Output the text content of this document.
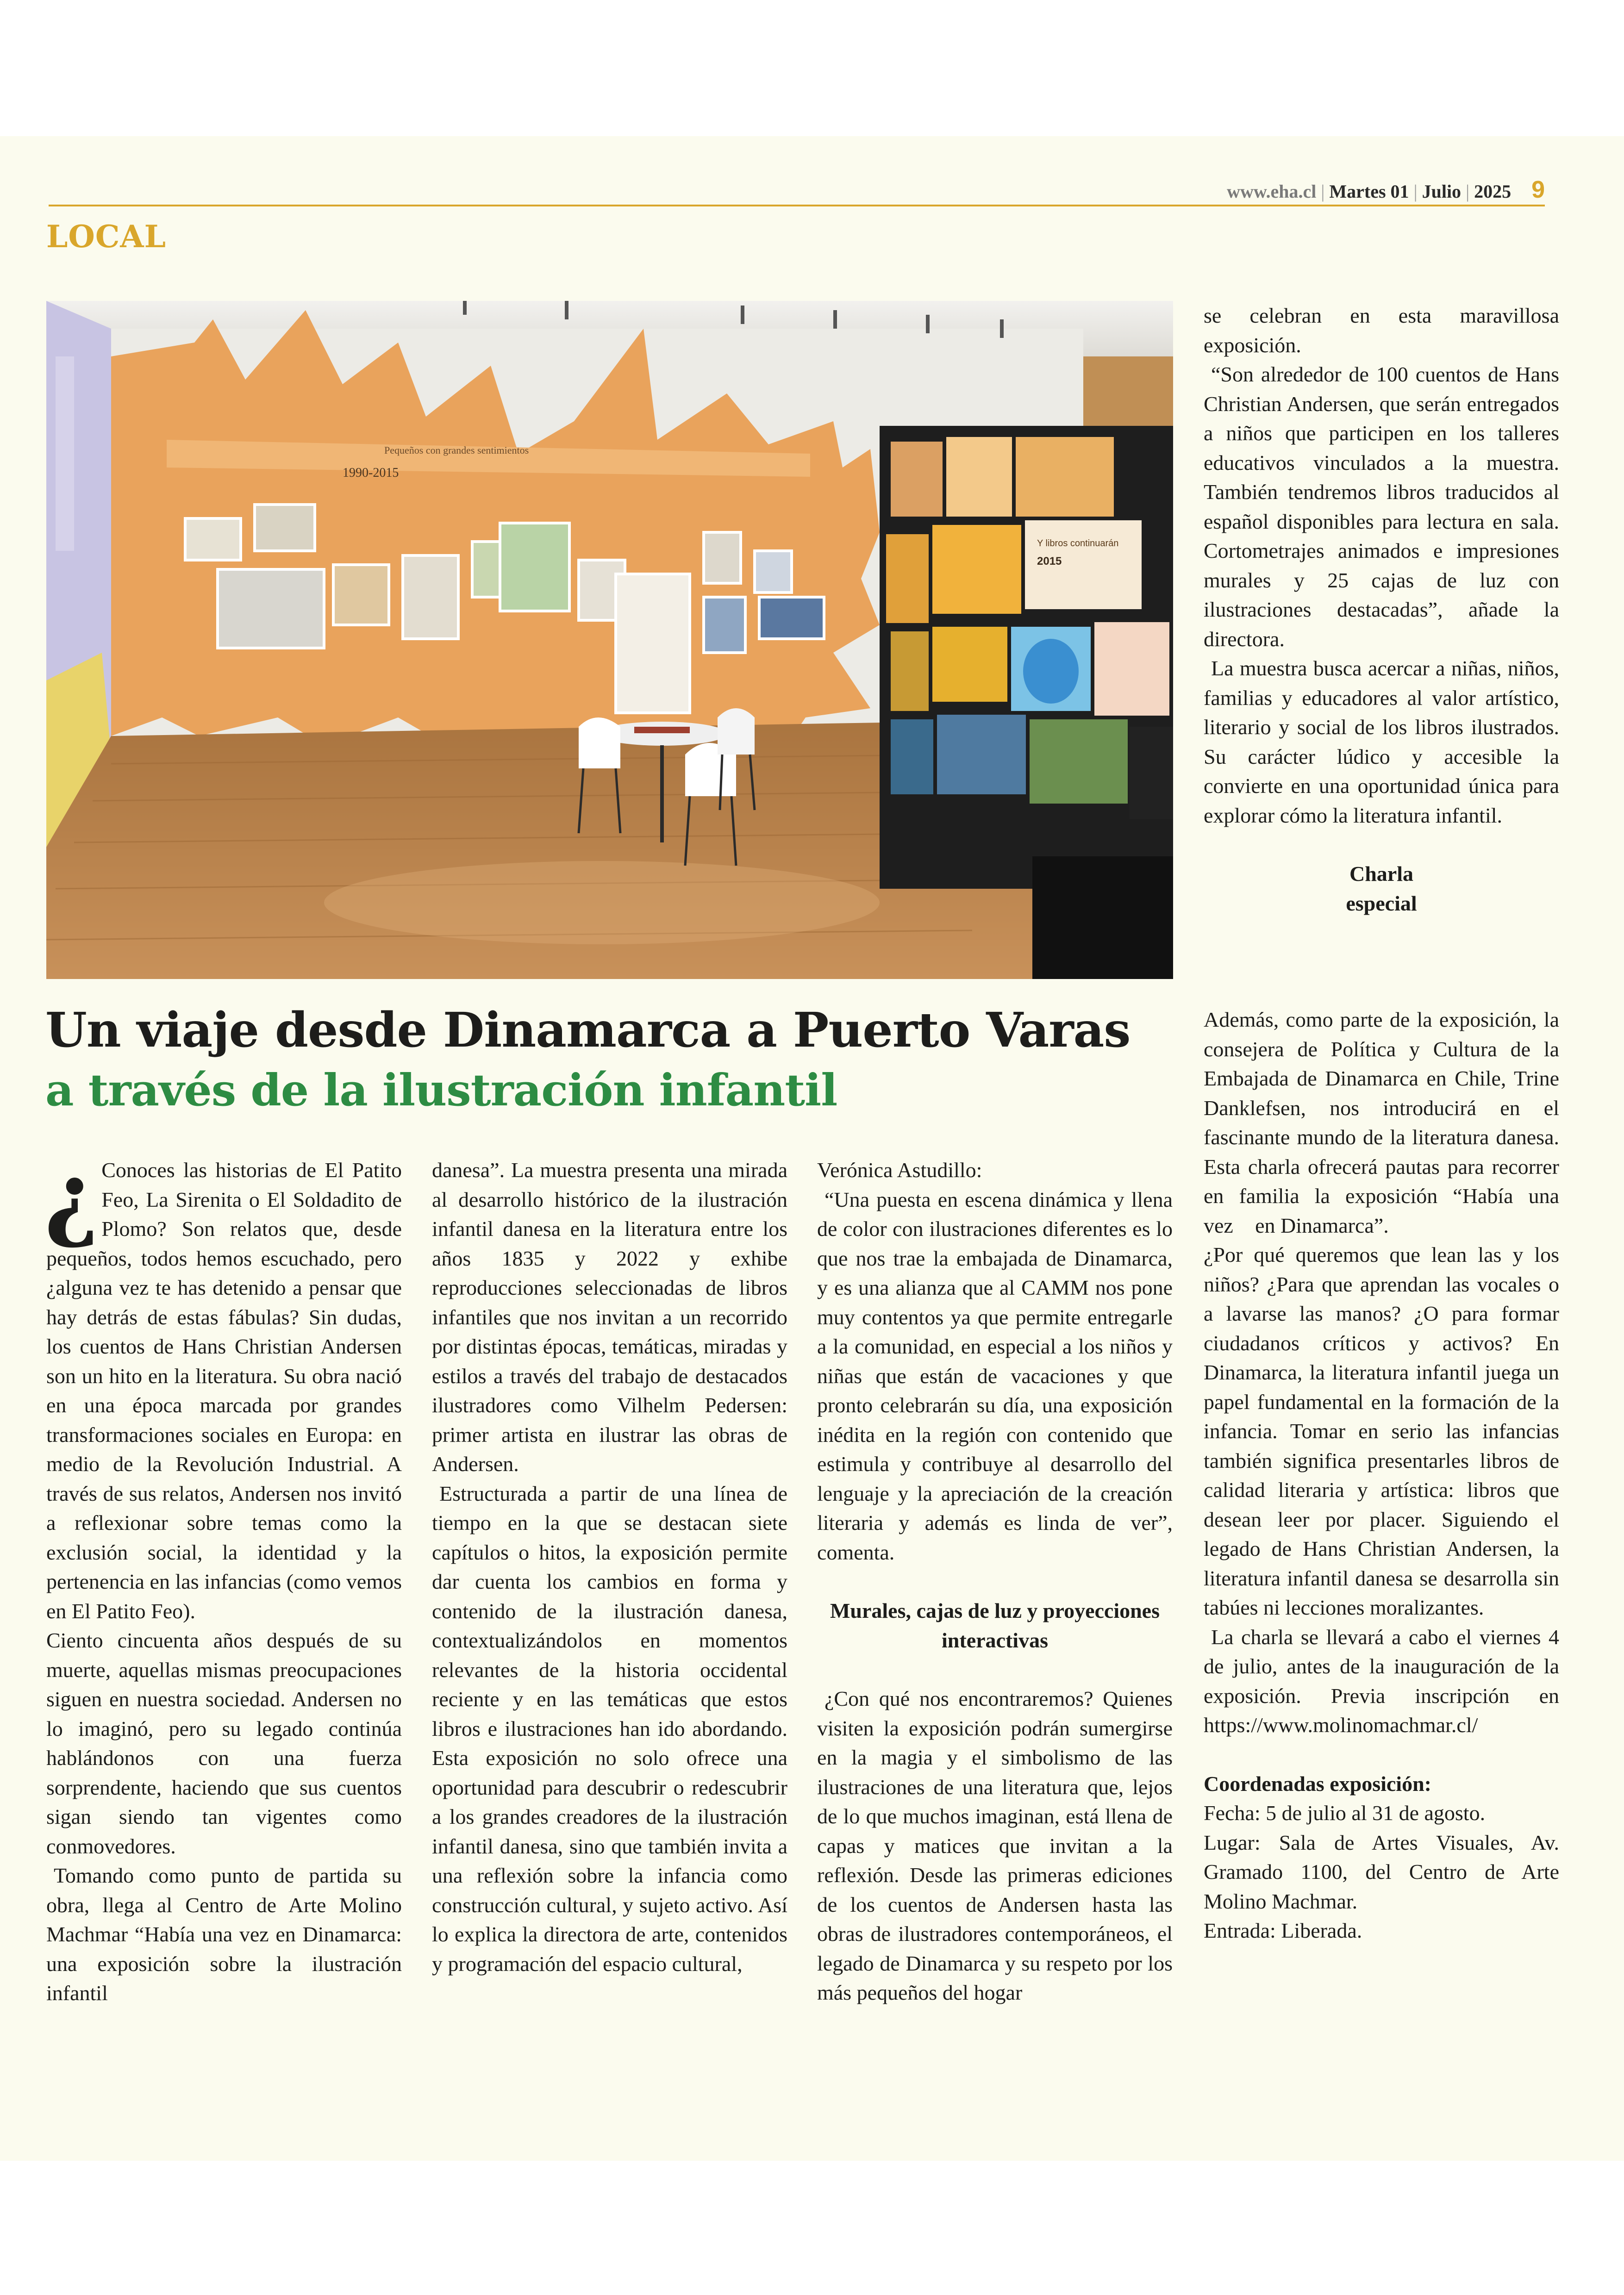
www.eha.cl | Martes 01 | Julio | 2025 9
LOCAL
Pequeños con grandes sentimientos
1990-2015
Y libros continuarán
2015
Un viaje desde Dinamarca a Puerto Varas
a través de la ilustración infantil
¿ Conoces las historias de El Patito Feo, La Sirenita o El Soldadito de Plomo? Son relatos que, desde pequeños, todos hemos escuchado, pero ¿alguna vez te has detenido a pensar que hay detrás de estas fábulas? Sin dudas, los cuentos de Hans Christian Andersen son un hito en la literatura. Su obra nació en una época marcada por grandes transformaciones sociales en Europa: en medio de la Revolución Industrial. A través de sus relatos, Andersen nos invitó a reflexionar sobre temas como la exclusión social, la identidad y la pertenencia en las infancias (como vemos en El Patito Feo).

Ciento cincuenta años después de su muerte, aquellas mismas preocupaciones siguen en nuestra sociedad. Andersen no lo imaginó, pero su legado continúa hablándonos con una fuerza sorprendente, haciendo que sus cuentos sigan siendo tan vigentes como conmovedores.

Tomando como punto de partida su obra, llega al Centro de Arte Molino Machmar “Había una vez en Dinamarca: una exposición sobre la ilustración infantil

danesa”. La muestra presenta una mirada al desarrollo histórico de la ilustración infantil danesa en la literatura entre los años 1835 y 2022 y exhibe reproducciones seleccionadas de libros infantiles que nos invitan a un recorrido por distintas épocas, temáticas, miradas y estilos a través del trabajo de destacados ilustradores como Vilhelm Pedersen: primer artista en ilustrar las obras de Andersen.

Estructurada a partir de una línea de tiempo en la que se destacan siete capítulos o hitos, la exposición permite dar cuenta los cambios en forma y contenido de la ilustración danesa, contextualizándolos en momentos relevantes de la historia occidental reciente y en las temáticas que estos libros e ilustraciones han ido abordando. Esta exposición no solo ofrece una oportunidad para descubrir o redescubrir a los grandes creadores de la ilustración infantil danesa, sino que también invita a una reflexión sobre la infancia como construcción cultural, y sujeto activo. Así lo explica la directora de arte, contenidos y programación del espacio cultural,

Verónica Astudillo:

“Una puesta en escena dinámica y llena de color con ilustraciones diferentes es lo que nos trae la embajada de Dinamarca, y es una alianza que al CAMM nos pone muy contentos ya que permite entregarle a la comunidad, en especial a los niños y niñas que están de vacaciones y que pronto celebrarán su día, una exposición inédita en la región con contenido que estimula y contribuye al desarrollo del lenguaje y la apreciación de la creación literaria y además es linda de ver”, comenta.

Murales, cajas de luz y proyecciones interactivas

¿Con qué nos encontraremos? Quienes visiten la exposición podrán sumergirse en la magia y el simbolismo de las ilustraciones de una literatura que, lejos de lo que muchos imaginan, está llena de capas y matices que invitan a la reflexión. Desde las primeras ediciones de los cuentos de Andersen hasta las obras de ilustradores contemporáneos, el legado de Dinamarca y su respeto por los más pequeños del hogar

se celebran en esta maravillosa exposición.

“Son alrededor de 100 cuentos de Hans Christian Andersen, que serán entregados a niños que participen en los talleres educativos vinculados a la muestra. También tendremos libros traducidos al español disponibles para lectura en sala. Cortometrajes animados e impresiones murales y 25 cajas de luz con ilustraciones destacadas”, añade la directora.

La muestra busca acercar a niñas, niños, familias y educadores al valor artístico, literario y social de los libros ilustrados. Su carácter lúdico y accesible la convierte en una oportunidad única para explorar cómo la literatura infantil.

Charla

especial

Además, como parte de la exposición, la consejera de Política y Cultura de la Embajada de Dinamarca en Chile, Trine Danklefsen, nos introducirá en el fascinante mundo de la literatura danesa. Esta charla ofrecerá pautas para recorrer en familia la exposición “Había una vez  en Dinamarca”.

¿Por qué queremos que lean las y los niños? ¿Para que aprendan las vocales o a lavarse las manos? ¿O para formar ciudadanos críticos y activos? En Dinamarca, la literatura infantil juega un papel fundamental en la formación de la infancia. Tomar en serio las infancias también significa presentarles libros de calidad literaria y artística: libros que desean leer por placer. Siguiendo el legado de Hans Christian Andersen, la literatura infantil danesa se desarrolla sin tabúes ni lecciones moralizantes.

La charla se llevará a cabo el viernes 4 de julio, antes de la inauguración de la exposición. Previa inscripción en https://www.molinomachmar.cl/

Coordenadas exposición:

Fecha: 5 de julio al 31 de agosto.

Lugar: Sala de Artes Visuales, Av. Gramado 1100, del Centro de Arte Molino Machmar.

Entrada: Liberada.
